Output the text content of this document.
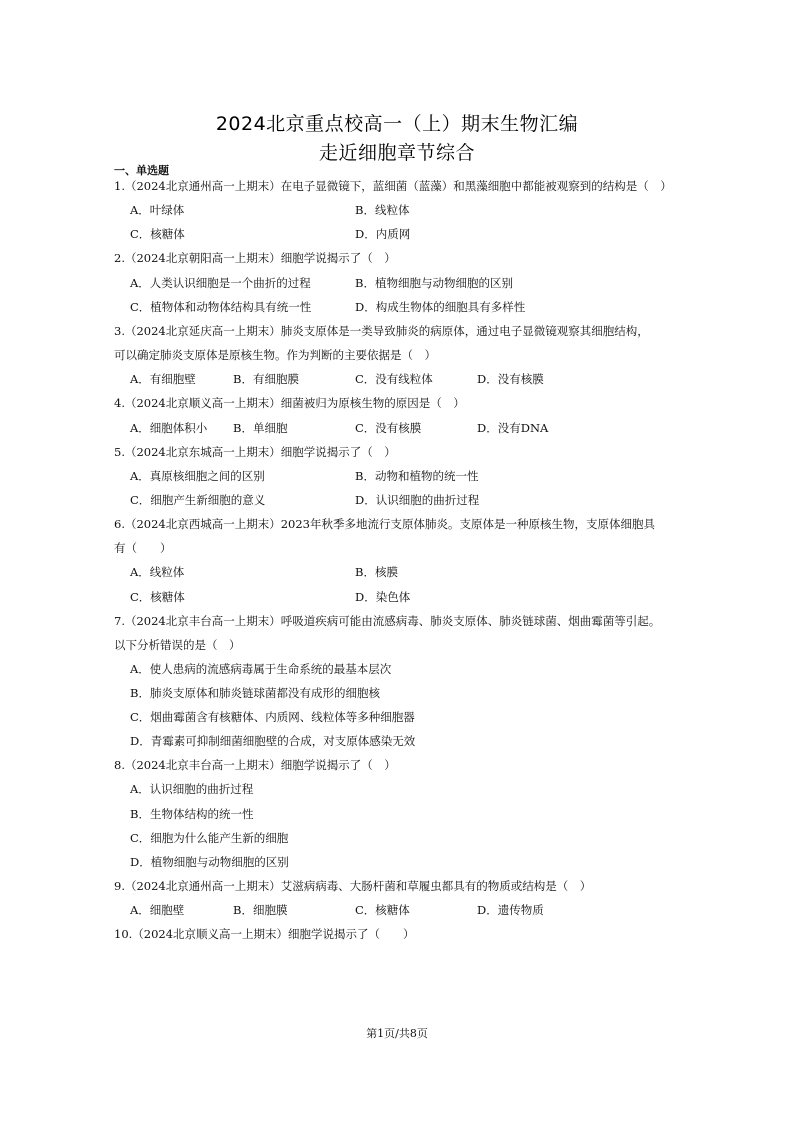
2024北京重点校高一（上）期末生物汇编
走近细胞章节综合
一、单选题
1.（2024北京通州高一上期末）在电子显微镜下，蓝细菌（蓝藻）和黑藻细胞中都能被观察到的结构是（　）
A．叶绿体	B．线粒体
C．核糖体	D．内质网
2.（2024北京朝阳高一上期末）细胞学说揭示了（　）
A．人类认识细胞是一个曲折的过程	B．植物细胞与动物细胞的区别
C．植物体和动物体结构具有统一性	D．构成生物体的细胞具有多样性
3.（2024北京延庆高一上期末）肺炎支原体是一类导致肺炎的病原体，通过电子显微镜观察其细胞结构，
可以确定肺炎支原体是原核生物。作为判断的主要依据是（　）
A．有细胞壁	B．有细胞膜	C．没有线粒体	D．没有核膜
4.（2024北京顺义高一上期末）细菌被归为原核生物的原因是（　）
A．细胞体积小 B．单细胞	C．没有核膜	D．没有DNA
5.（2024北京东城高一上期末）细胞学说揭示了（　）
A．真原核细胞之间的区别	B．动物和植物的统一性
C．细胞产生新细胞的意义	D．认识细胞的曲折过程
6.（2024北京西城高一上期末）2023年秋季多地流行支原体肺炎。支原体是一种原核生物，支原体细胞具
有（　　）
A．线粒体	B．核膜
C．核糖体	D．染色体
7.（2024北京丰台高一上期末）呼吸道疾病可能由流感病毒、肺炎支原体、肺炎链球菌、烟曲霉菌等引起。
以下分析错误的是（　）
A．使人患病的流感病毒属于生命系统的最基本层次
B．肺炎支原体和肺炎链球菌都没有成形的细胞核
C．烟曲霉菌含有核糖体、内质网、线粒体等多种细胞器
D．青霉素可抑制细菌细胞壁的合成，对支原体感染无效
8.（2024北京丰台高一上期末）细胞学说揭示了（　）
A．认识细胞的曲折过程
B．生物体结构的统一性
C．细胞为什么能产生新的细胞
D．植物细胞与动物细胞的区别
9.（2024北京通州高一上期末）艾滋病病毒、大肠杆菌和草履虫都具有的物质或结构是（　）
A．细胞壁	B．细胞膜	C．核糖体	D．遗传物质
10.（2024北京顺义高一上期末）细胞学说揭示了（　　）
第1页/共8页
